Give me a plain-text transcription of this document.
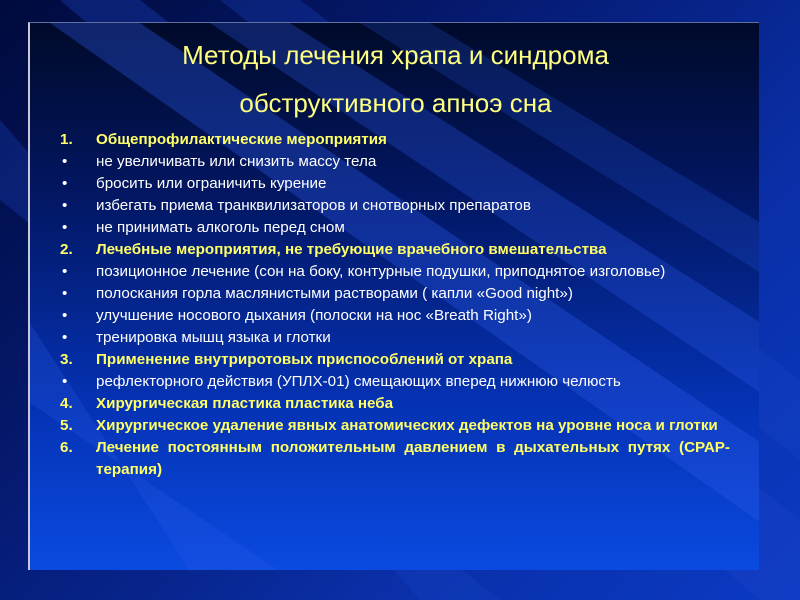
Методы лечения храпа и синдрома
обструктивного апноэ сна
1.	Общепрофилактические мероприятия
•	не увеличивать или снизить массу тела
•	бросить или ограничить курение
•	избегать приема транквилизаторов и снотворных препаратов
•	не принимать алкоголь перед сном
2.	Лечебные мероприятия, не требующие врачебного вмешательства
•	позиционное лечение (сон на боку, контурные подушки, приподнятое изголовье)
•	полоскания горла маслянистыми растворами ( капли «Good night»)
•	улучшение носового дыхания (полоски на нос «Breath Right»)
•	тренировка мышц языка и глотки
3.	Применение внутриротовых приспособлений от храпа
•	рефлекторного действия (УПЛХ-01) смещающих вперед нижнюю челюсть
4.	Хирургическая пластика пластика неба
5.	Хирургическое удаление явных анатомических дефектов на уровне носа и глотки
6.	Лечение постоянным положительным давлением в дыхательных путях (СРАР-терапия)
